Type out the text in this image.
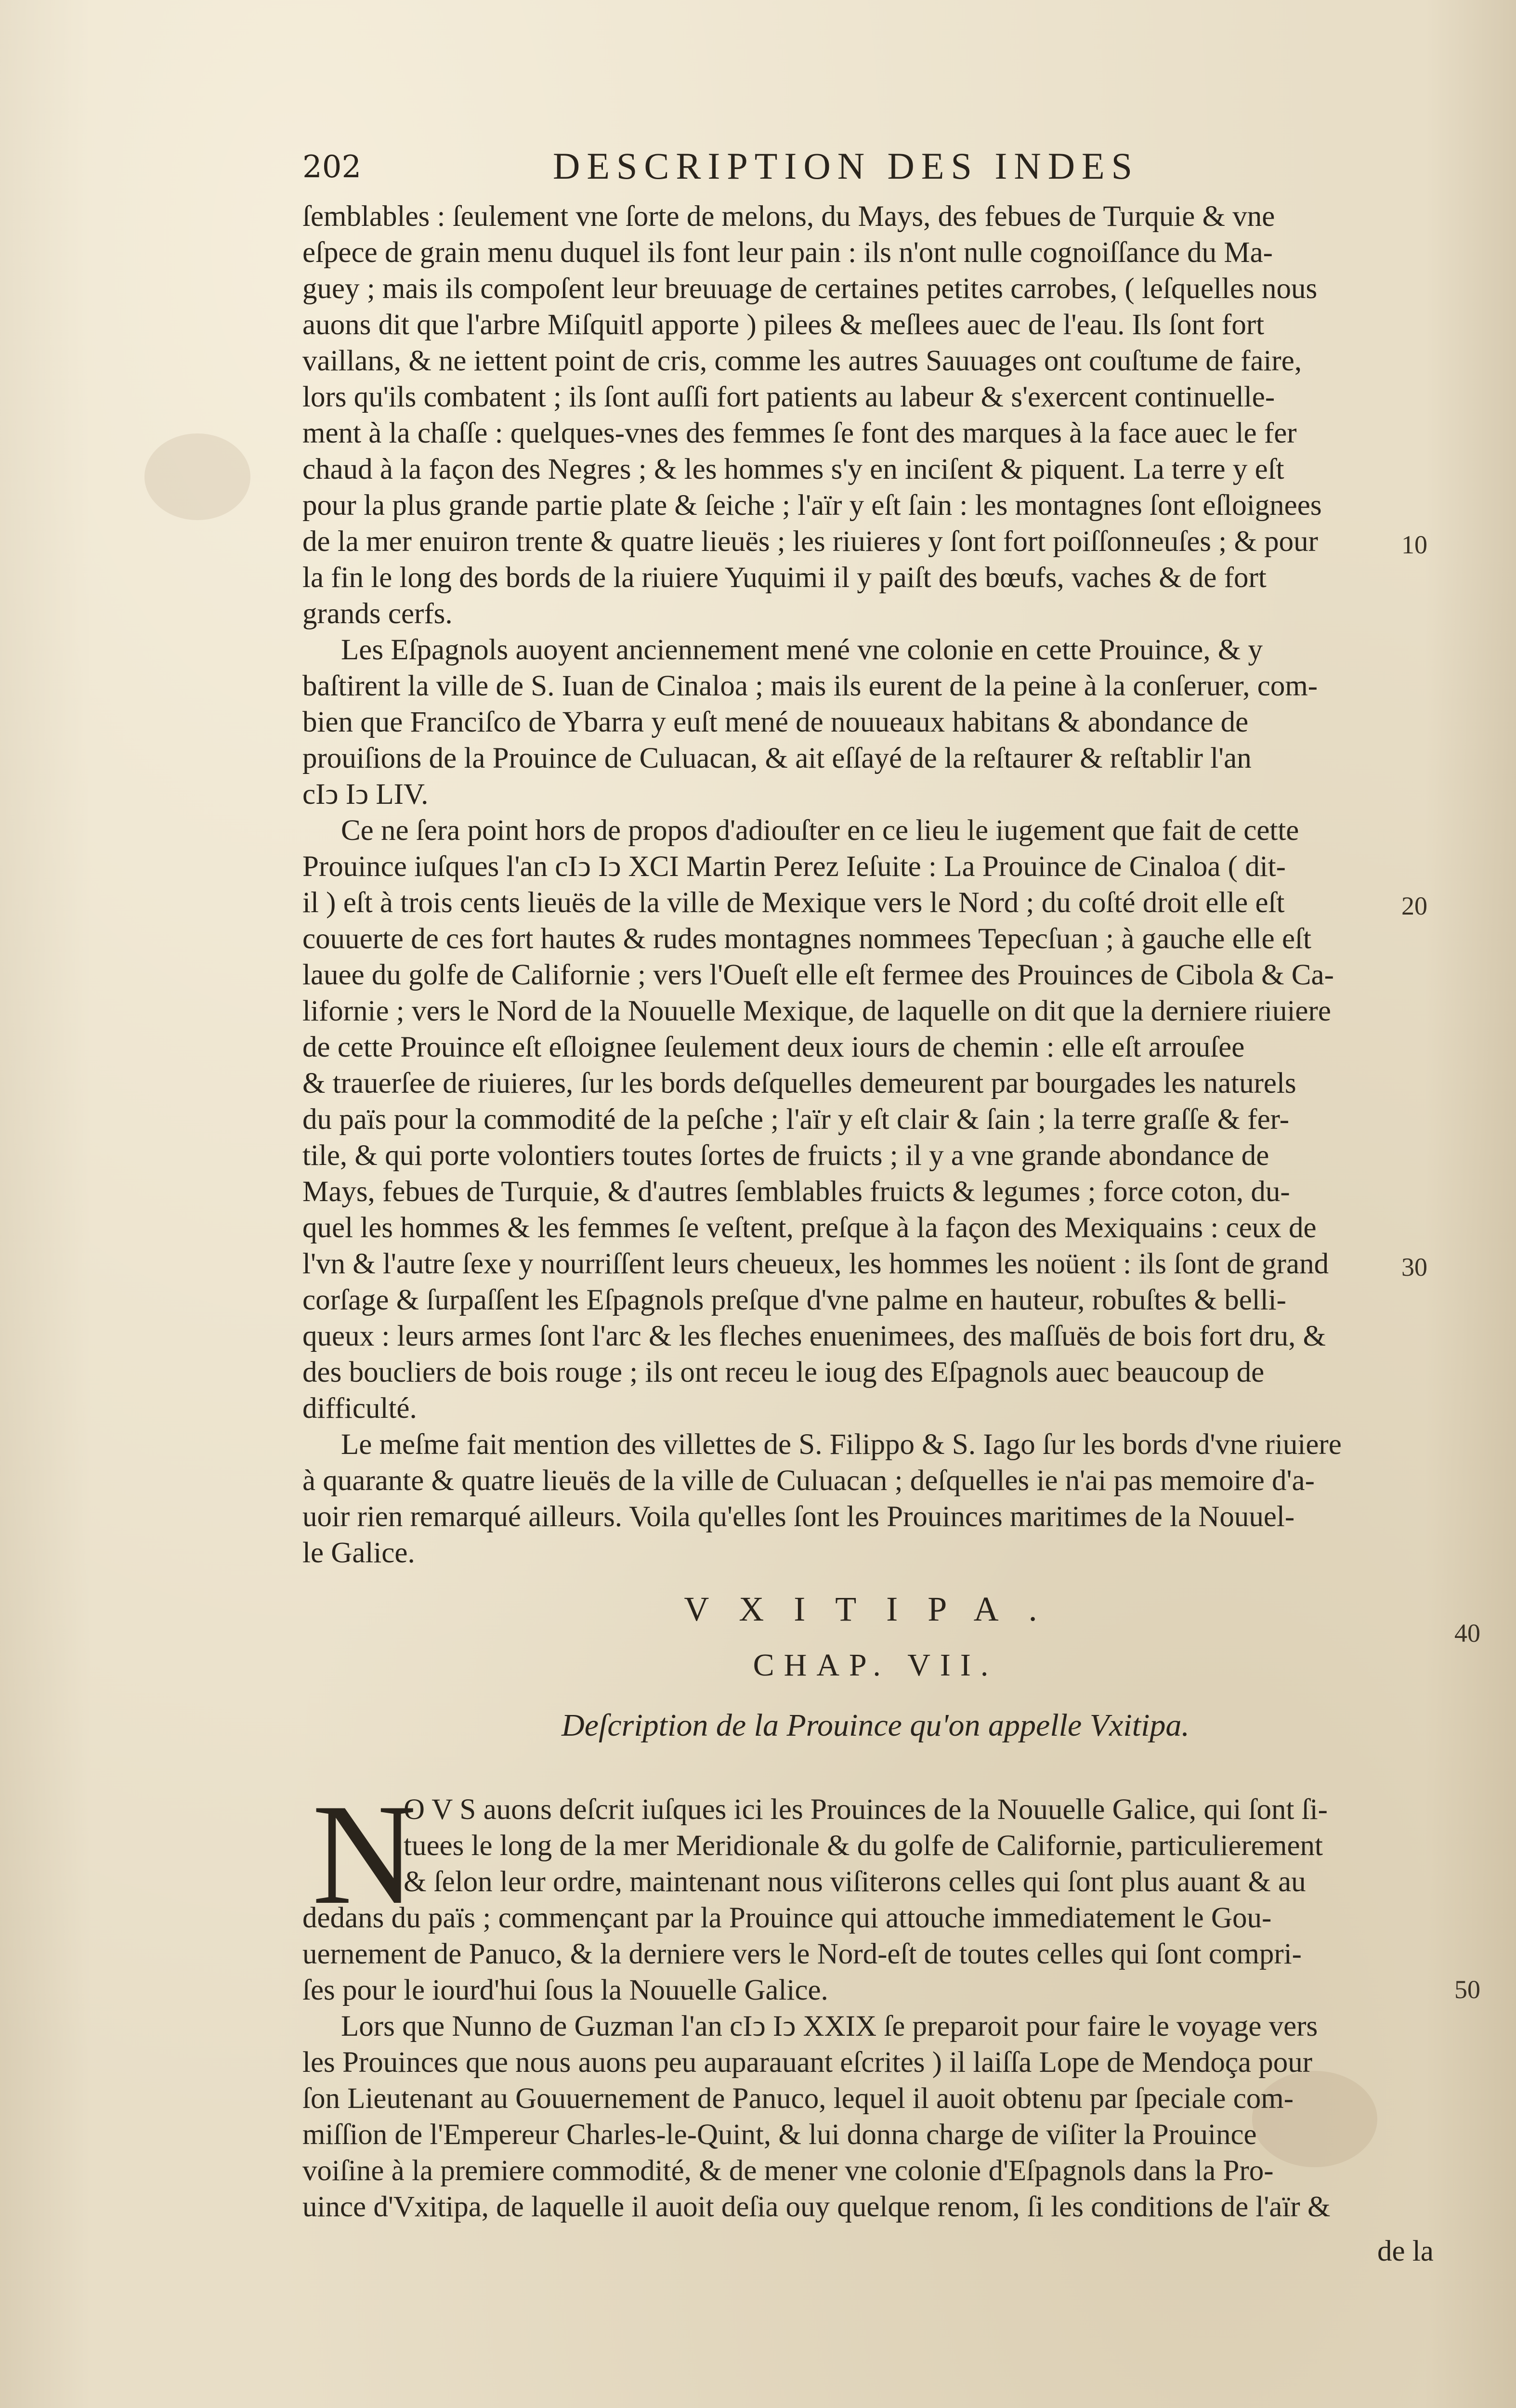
202	DESCRIPTION DES INDES
ſemblables : ſeulement vne ſorte de melons, du Mays, des febues de Turquie & vne
eſpece de grain menu duquel ils font leur pain : ils n'ont nulle cognoiſſance du Ma-
guey ; mais ils compoſent leur breuuage de certaines petites carrobes, ( leſquelles nous
auons dit que l'arbre Miſquitl apporte ) pilees & meſlees auec de l'eau. Ils ſont fort
vaillans, & ne iettent point de cris, comme les autres Sauuages ont couſtume de faire,
lors qu'ils combatent ; ils ſont auſſi fort patients au labeur & s'exercent continuelle-
ment à la chaſſe : quelques-vnes des femmes ſe font des marques à la face auec le fer
chaud à la façon des Negres ; & les hommes s'y en inciſent & piquent. La terre y eſt
pour la plus grande partie plate & ſeiche ; l'aïr y eſt ſain : les montagnes ſont eſloignees
de la mer enuiron trente & quatre lieuës ; les riuieres y ſont fort poiſſonneuſes ; & pour
la fin le long des bords de la riuiere Yuquimi il y paiſt des bœufs, vaches & de fort
grands cerfs.
Les Eſpagnols auoyent anciennement mené vne colonie en cette Prouince, & y
baſtirent la ville de S. Iuan de Cinaloa ; mais ils eurent de la peine à la conſeruer, com-
bien que Franciſco de Ybarra y euſt mené de nouueaux habitans & abondance de
prouiſions de la Prouince de Culuacan, & ait eſſayé de la reſtaurer & reſtablir l'an
cIↄ Iↄ LIV.
Ce ne ſera point hors de propos d'adiouſter en ce lieu le iugement que fait de cette
Prouince iuſques l'an cIↄ Iↄ XCI Martin Perez Ieſuite : La Prouince de Cinaloa ( dit-
il ) eſt à trois cents lieuës de la ville de Mexique vers le Nord ; du coſté droit elle eſt
couuerte de ces fort hautes & rudes montagnes nommees Tepecſuan ; à gauche elle eſt
lauee du golfe de Californie ; vers l'Oueſt elle eſt fermee des Prouinces de Cibola & Ca-
lifornie ; vers le Nord de la Nouuelle Mexique, de laquelle on dit que la derniere riuiere
de cette Prouince eſt eſloignee ſeulement deux iours de chemin : elle eſt arrouſee
& trauerſee de riuieres, ſur les bords deſquelles demeurent par bourgades les naturels
du païs pour la commodité de la peſche ; l'aïr y eſt clair & ſain ; la terre graſſe & fer-
tile, & qui porte volontiers toutes ſortes de fruicts ; il y a vne grande abondance de
Mays, febues de Turquie, & d'autres ſemblables fruicts & legumes ; force coton, du-
quel les hommes & les femmes ſe veſtent, preſque à la façon des Mexiquains : ceux de
l'vn & l'autre ſexe y nourriſſent leurs cheueux, les hommes les noüent : ils ſont de grand
corſage & ſurpaſſent les Eſpagnols preſque d'vne palme en hauteur, robuſtes & belli-
queux : leurs armes ſont l'arc & les fleches enuenimees, des maſſuës de bois fort dru, &
des boucliers de bois rouge ; ils ont receu le ioug des Eſpagnols auec beaucoup de
difficulté.
Le meſme fait mention des villettes de S. Filippo & S. Iago ſur les bords d'vne riuiere
à quarante & quatre lieuës de la ville de Culuacan ; deſquelles ie n'ai pas memoire d'a-
uoir rien remarqué ailleurs. Voila qu'elles ſont les Prouinces maritimes de la Nouuel-
le Galice.
VXITIPA.
CHAP. VII.
Deſcription de la Prouince qu'on appelle Vxitipa.
N
O V S auons deſcrit iuſques ici les Prouinces de la Nouuelle Galice, qui ſont ſi-
tuees le long de la mer Meridionale & du golfe de Californie, particulierement
& ſelon leur ordre, maintenant nous viſiterons celles qui ſont plus auant & au
dedans du païs ; commençant par la Prouince qui attouche immediatement le Gou-
uernement de Panuco, & la derniere vers le Nord-eſt de toutes celles qui ſont compri-
ſes pour le iourd'hui ſous la Nouuelle Galice.
Lors que Nunno de Guzman l'an cIↄ Iↄ XXIX ſe preparoit pour faire le voyage vers
les Prouinces que nous auons peu auparauant eſcrites ) il laiſſa Lope de Mendoça pour
ſon Lieutenant au Gouuernement de Panuco, lequel il auoit obtenu par ſpeciale com-
miſſion de l'Empereur Charles-le-Quint, & lui donna charge de viſiter la Prouince
voiſine à la premiere commodité, & de mener vne colonie d'Eſpagnols dans la Pro-
uince d'Vxitipa, de laquelle il auoit deſia ouy quelque renom, ſi les conditions de l'aïr &
de la
10
20
30
40
50
